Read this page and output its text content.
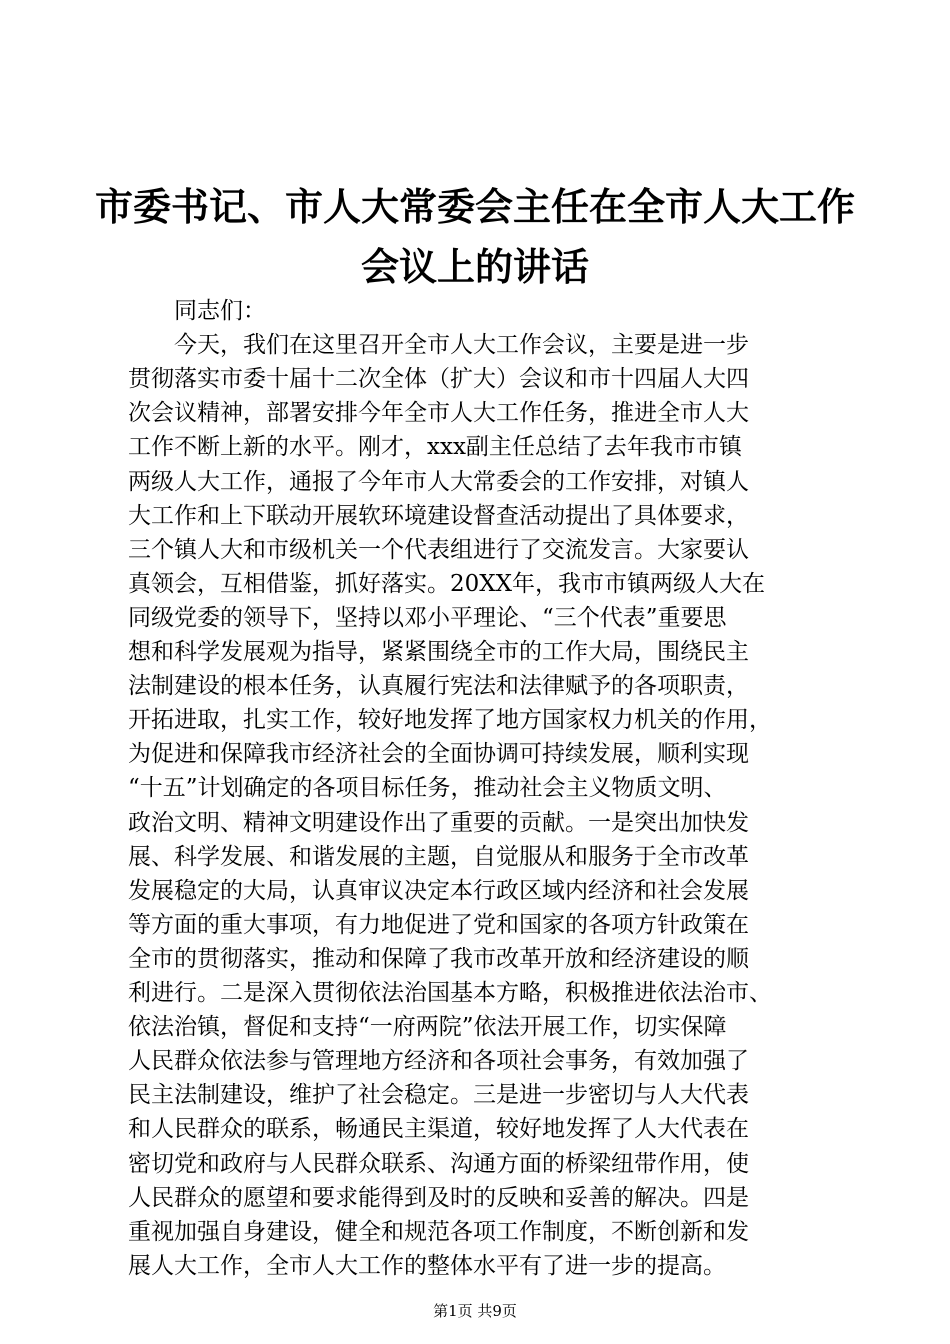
市委书记、市人大常委会主任在全市人大工作
会议上的讲话
　　同志们：
　　今天，我们在这里召开全市人大工作会议，主要是进一步
贯彻落实市委十届十二次全体（扩大）会议和市十四届人大四
次会议精神，部署安排今年全市人大工作任务，推进全市人大
工作不断上新的水平。刚才，xxx副主任总结了去年我市市镇
两级人大工作，通报了今年市人大常委会的工作安排，对镇人
大工作和上下联动开展软环境建设督查活动提出了具体要求，
三个镇人大和市级机关一个代表组进行了交流发言。大家要认
真领会，互相借鉴，抓好落实。20XX年，我市市镇两级人大在
同级党委的领导下，坚持以邓小平理论、“三个代表”重要思
想和科学发展观为指导，紧紧围绕全市的工作大局，围绕民主
法制建设的根本任务，认真履行宪法和法律赋予的各项职责，
开拓进取，扎实工作，较好地发挥了地方国家权力机关的作用，
为促进和保障我市经济社会的全面协调可持续发展，顺利实现
“十五”计划确定的各项目标任务，推动社会主义物质文明、
政治文明、精神文明建设作出了重要的贡献。一是突出加快发
展、科学发展、和谐发展的主题，自觉服从和服务于全市改革
发展稳定的大局，认真审议决定本行政区域内经济和社会发展
等方面的重大事项，有力地促进了党和国家的各项方针政策在
全市的贯彻落实，推动和保障了我市改革开放和经济建设的顺
利进行。二是深入贯彻依法治国基本方略，积极推进依法治市、
依法治镇，督促和支持“一府两院”依法开展工作，切实保障
人民群众依法参与管理地方经济和各项社会事务，有效加强了
民主法制建设，维护了社会稳定。三是进一步密切与人大代表
和人民群众的联系，畅通民主渠道，较好地发挥了人大代表在
密切党和政府与人民群众联系、沟通方面的桥梁纽带作用，使
人民群众的愿望和要求能得到及时的反映和妥善的解决。四是
重视加强自身建设，健全和规范各项工作制度，不断创新和发
展人大工作，全市人大工作的整体水平有了进一步的提高。
第1页 共9页
